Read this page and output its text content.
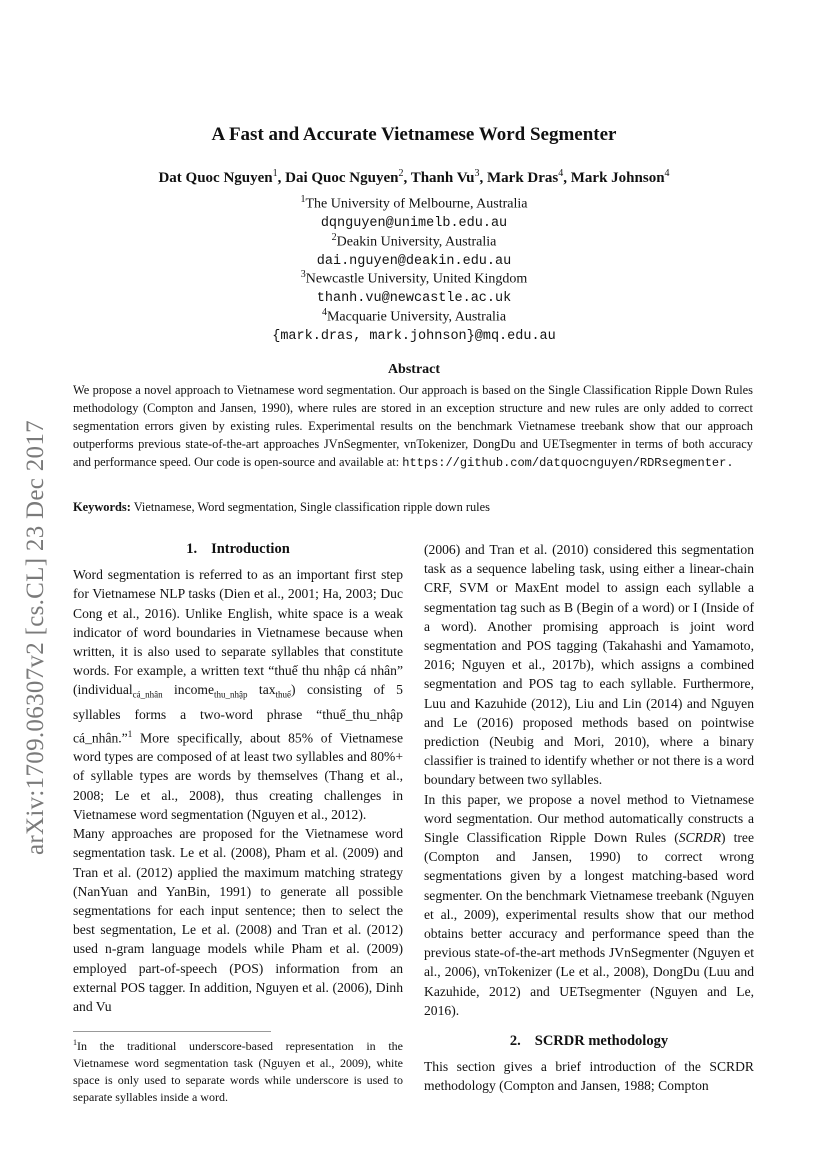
A Fast and Accurate Vietnamese Word Segmenter
Dat Quoc Nguyen$^1$, Dai Quoc Nguyen$^2$, Thanh Vu$^3$, Mark Dras$^4$, Mark Johnson$^4$
$^1$The University of Melbourne, Australia
dqnguyen@unimelb.edu.au
$^2$Deakin University, Australia
dai.nguyen@deakin.edu.au
$^3$Newcastle University, United Kingdom
thanh.vu@newcastle.ac.uk
$^4$Macquarie University, Australia
{mark.dras, mark.johnson}@mq.edu.au
Abstract
We propose a novel approach to Vietnamese word segmentation. Our approach is based on the Single Classification Ripple Down Rules methodology (Compton and Jansen, 1990), where rules are stored in an exception structure and new rules are only added to correct segmentation errors given by existing rules. Experimental results on the benchmark Vietnamese treebank show that our approach outperforms previous state-of-the-art approaches JVnSegmenter, vnTokenizer, DongDu and UETsegmenter in terms of both accuracy and performance speed. Our code is open-source and available at: https://github.com/datquocnguyen/RDRsegmenter.
Keywords: Vietnamese, Word segmentation, Single classification ripple down rules
arXiv:1709.06307v2 [cs.CL] 23 Dec 2017	1. Introduction

Word segmentation is referred to as an important first step for Vietnamese NLP tasks (Dien et al., 2001; Ha, 2003; Duc Cong et al., 2016). Unlike English, white space is a weak indicator of word boundaries in Vietnamese because when written, it is also used to separate syllables that constitute words. For example, a written text “thuế thu nhập cá nhân” (individual$_{cá\_nhân}$ income$_{thu\_nhập}$ tax$_{thuế}$) consisting of 5 syllables forms a two-word phrase “thuế_thu_nhập cá_nhân.”$^1$ More specifically, about 85% of Vietnamese word types are composed of at least two syllables and 80%+ of syllable types are words by themselves (Thang et al., 2008; Le et al., 2008), thus creating challenges in Vietnamese word segmentation (Nguyen et al., 2012).

Many approaches are proposed for the Vietnamese word segmentation task. Le et al. (2008), Pham et al. (2009) and Tran et al. (2012) applied the maximum matching strategy (NanYuan and YanBin, 1991) to generate all possible segmentations for each input sentence; then to select the best segmentation, Le et al. (2008) and Tran et al. (2012) used n-gram language models while Pham et al. (2009) employed part-of-speech (POS) information from an external POS tagger. In addition, Nguyen et al. (2006), Dinh and Vu

$^1$In the traditional underscore-based representation in the Vietnamese word segmentation task (Nguyen et al., 2009), white space is only used to separate words while underscore is used to separate syllables inside a word.

(2006) and Tran et al. (2010) considered this segmentation task as a sequence labeling task, using either a linear-chain CRF, SVM or MaxEnt model to assign each syllable a segmentation tag such as B (Begin of a word) or I (Inside of a word). Another promising approach is joint word segmentation and POS tagging (Takahashi and Yamamoto, 2016; Nguyen et al., 2017b), which assigns a combined segmentation and POS tag to each syllable. Furthermore, Luu and Kazuhide (2012), Liu and Lin (2014) and Nguyen and Le (2016) proposed methods based on pointwise prediction (Neubig and Mori, 2010), where a binary classifier is trained to identify whether or not there is a word boundary between two syllables.

In this paper, we propose a novel method to Vietnamese word segmentation. Our method automatically constructs a Single Classification Ripple Down Rules (SCRDR) tree (Compton and Jansen, 1990) to correct wrong segmentations given by a longest matching-based word segmenter. On the benchmark Vietnamese treebank (Nguyen et al., 2009), experimental results show that our method obtains better accuracy and performance speed than the previous state-of-the-art methods JVnSegmenter (Nguyen et al., 2006), vnTokenizer (Le et al., 2008), DongDu (Luu and Kazuhide, 2012) and UETsegmenter (Nguyen and Le, 2016).

2. SCRDR methodology

This section gives a brief introduction of the SCRDR methodology (Compton and Jansen, 1988; Compton
